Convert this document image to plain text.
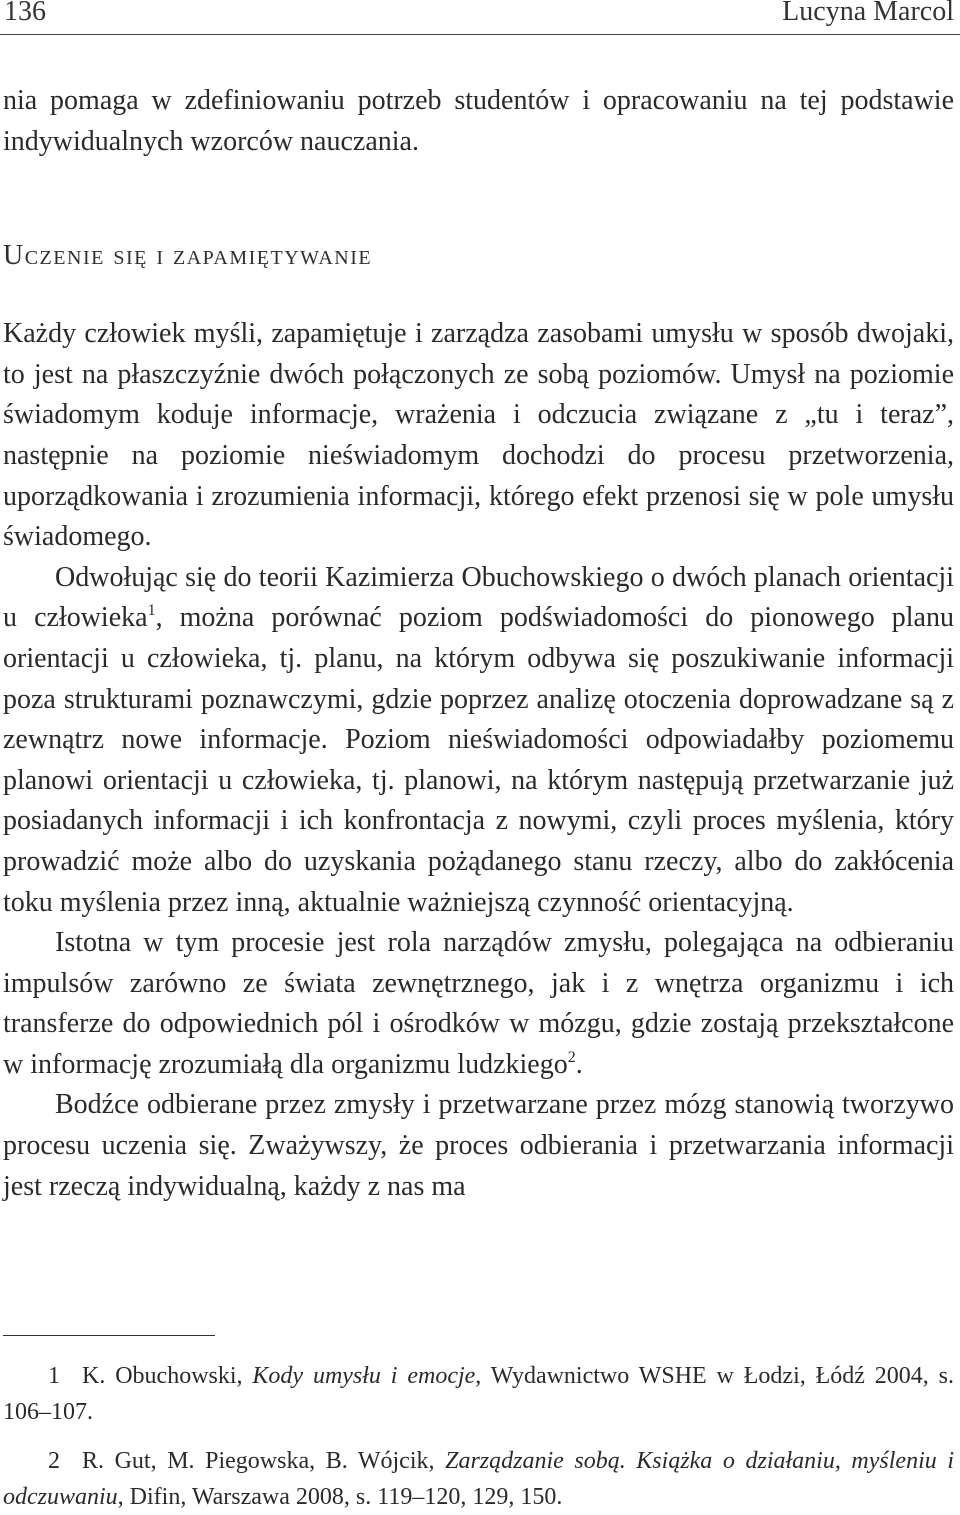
136	Lucyna Marcol

nia pomaga w zdefiniowaniu potrzeb studentów i opracowaniu na tej podstawie indywidualnych wzorców nauczania.

Uczenie się i zapamiętywanie

Każdy człowiek myśli, zapamiętuje i zarządza zasobami umysłu w sposób dwojaki, to jest na płaszczyźnie dwóch połączonych ze sobą poziomów. Umysł na poziomie świadomym koduje informacje, wrażenia i odczucia związane z „tu i teraz”, następnie na poziomie nieświadomym dochodzi do procesu przetworzenia, uporządkowania i zrozumienia informacji, którego efekt przenosi się w pole umysłu świadomego.

Odwołując się do teorii Kazimierza Obuchowskiego o dwóch planach orientacji u człowieka$^1$, można porównać poziom podświadomości do pionowego planu orientacji u człowieka, tj. planu, na którym odbywa się poszukiwanie informacji poza strukturami poznawczymi, gdzie poprzez analizę otoczenia doprowadzane są z zewnątrz nowe informacje. Poziom nieświadomości odpowiadałby poziomemu planowi orientacji u człowieka, tj. planowi, na którym następują przetwarzanie już posiadanych informacji i ich konfrontacja z nowymi, czyli proces myślenia, który prowadzić może albo do uzyskania pożądanego stanu rzeczy, albo do zakłócenia toku myślenia przez inną, aktualnie ważniejszą czynność orientacyjną.

Istotna w tym procesie jest rola narządów zmysłu, polegająca na odbieraniu impulsów zarówno ze świata zewnętrznego, jak i z wnętrza organizmu i ich transferze do odpowiednich pól i ośrodków w mózgu, gdzie zostają przekształcone w informację zrozumiałą dla organizmu ludzkiego$^2$.

Bodźce odbierane przez zmysły i przetwarzane przez mózg stanowią tworzywo procesu uczenia się. Zważywszy, że proces odbierania i przetwarzania informacji jest rzeczą indywidualną, każdy z nas ma

1 K. Obuchowski, Kody umysłu i emocje, Wydawnictwo WSHE w Łodzi, Łódź 2004, s. 106–107.

2 R. Gut, M. Piegowska, B. Wójcik, Zarządzanie sobą. Książka o działaniu, myśleniu i odczuwaniu, Difin, Warszawa 2008, s. 119–120, 129, 150.
